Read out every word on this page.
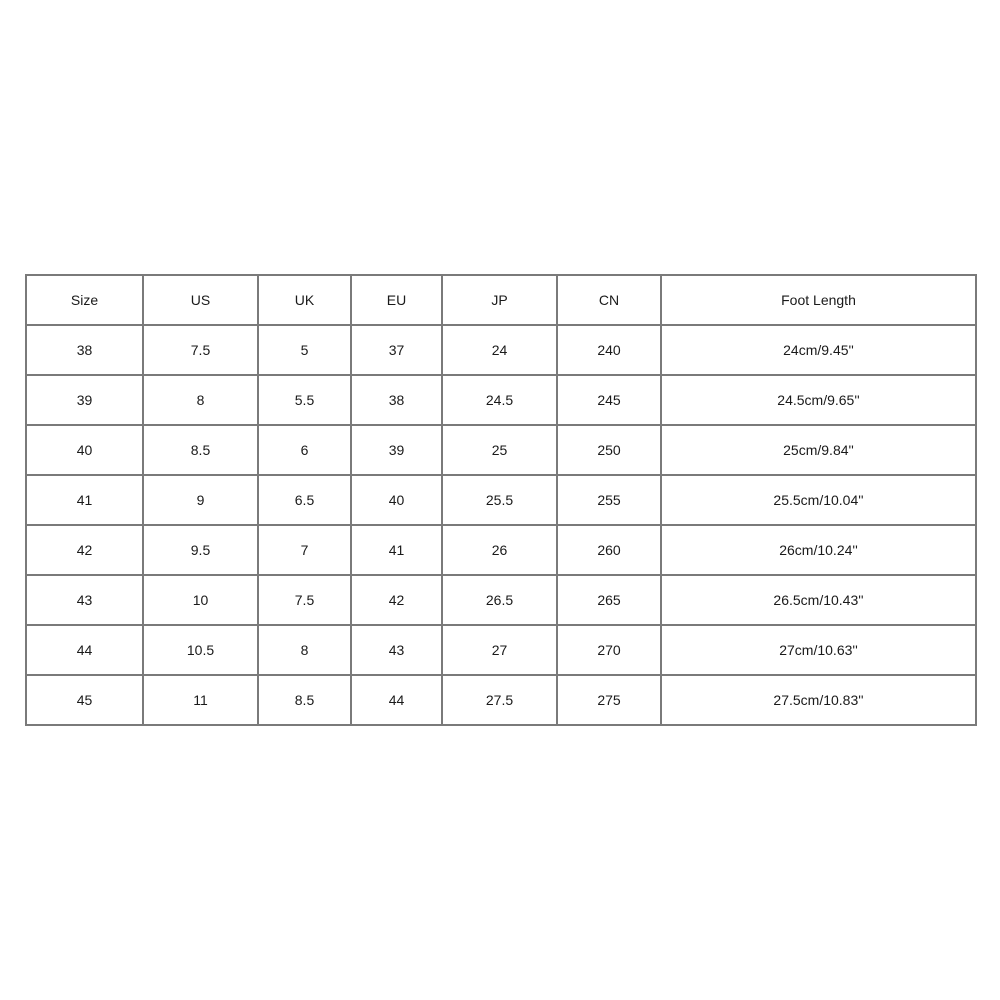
Size	US	UK	EU	JP	CN	Foot Length
38	7.5	5	37	24	240	24cm/9.45''
39	8	5.5	38	24.5	245	24.5cm/9.65''
40	8.5	6	39	25	250	25cm/9.84''
41	9	6.5	40	25.5	255	25.5cm/10.04''
42	9.5	7	41	26	260	26cm/10.24''
43	10	7.5	42	26.5	265	26.5cm/10.43''
44	10.5	8	43	27	270	27cm/10.63''
45	11	8.5	44	27.5	275	27.5cm/10.83''
